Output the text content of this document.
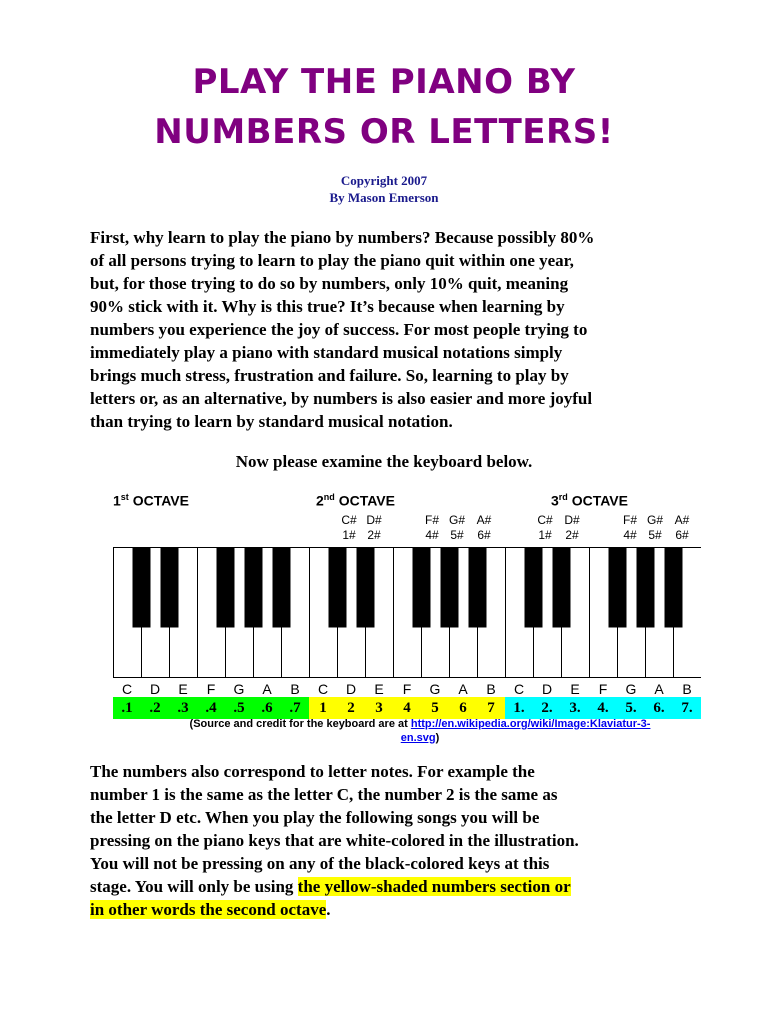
PLAY THE PIANO BY
NUMBERS OR LETTERS!
Copyright 2007
By Mason Emerson
First, why learn to play the piano by numbers? Because possibly 80%
of all persons trying to learn to play the piano quit within one year,
but, for those trying to do so by numbers, only 10% quit, meaning
90% stick with it. Why is this true? It’s because when learning by
numbers you experience the joy of success. For most people trying to
immediately play a piano with standard musical notations simply
brings much stress, frustration and failure. So, learning to play by
letters or, as an alternative, by numbers is also easier and more joyful
than trying to learn by standard musical notation.
Now please examine the keyboard below.
1st OCTAVE	2nd OCTAVE	3rd OCTAVE
C#
1#
D#
2#
F#
4#
G#
5#
A#
6#
C#
1#
D#
2#
F#
4#
G#
5#
A#
6#
C	D	E	F	G	A	B	C	D	E	F	G	A	B	C	D	E	F	G	A	B
.1	.2	.3	.4	.5	.6	.7	1	2	3	4	5	6	7	1.	2.	3.	4.	5.	6.	7.
(Source and credit for the keyboard are at http://en.wikipedia.org/wiki/Image:Klaviatur-3-
en.svg)
The numbers also correspond to letter notes. For example the
number 1 is the same as the letter C, the number 2 is the same as
the letter D etc. When you play the following songs you will be
pressing on the piano keys that are white-colored in the illustration.
You will not be pressing on any of the black-colored keys at this
stage. You will only be using the yellow-shaded numbers section or
in other words the second octave.
